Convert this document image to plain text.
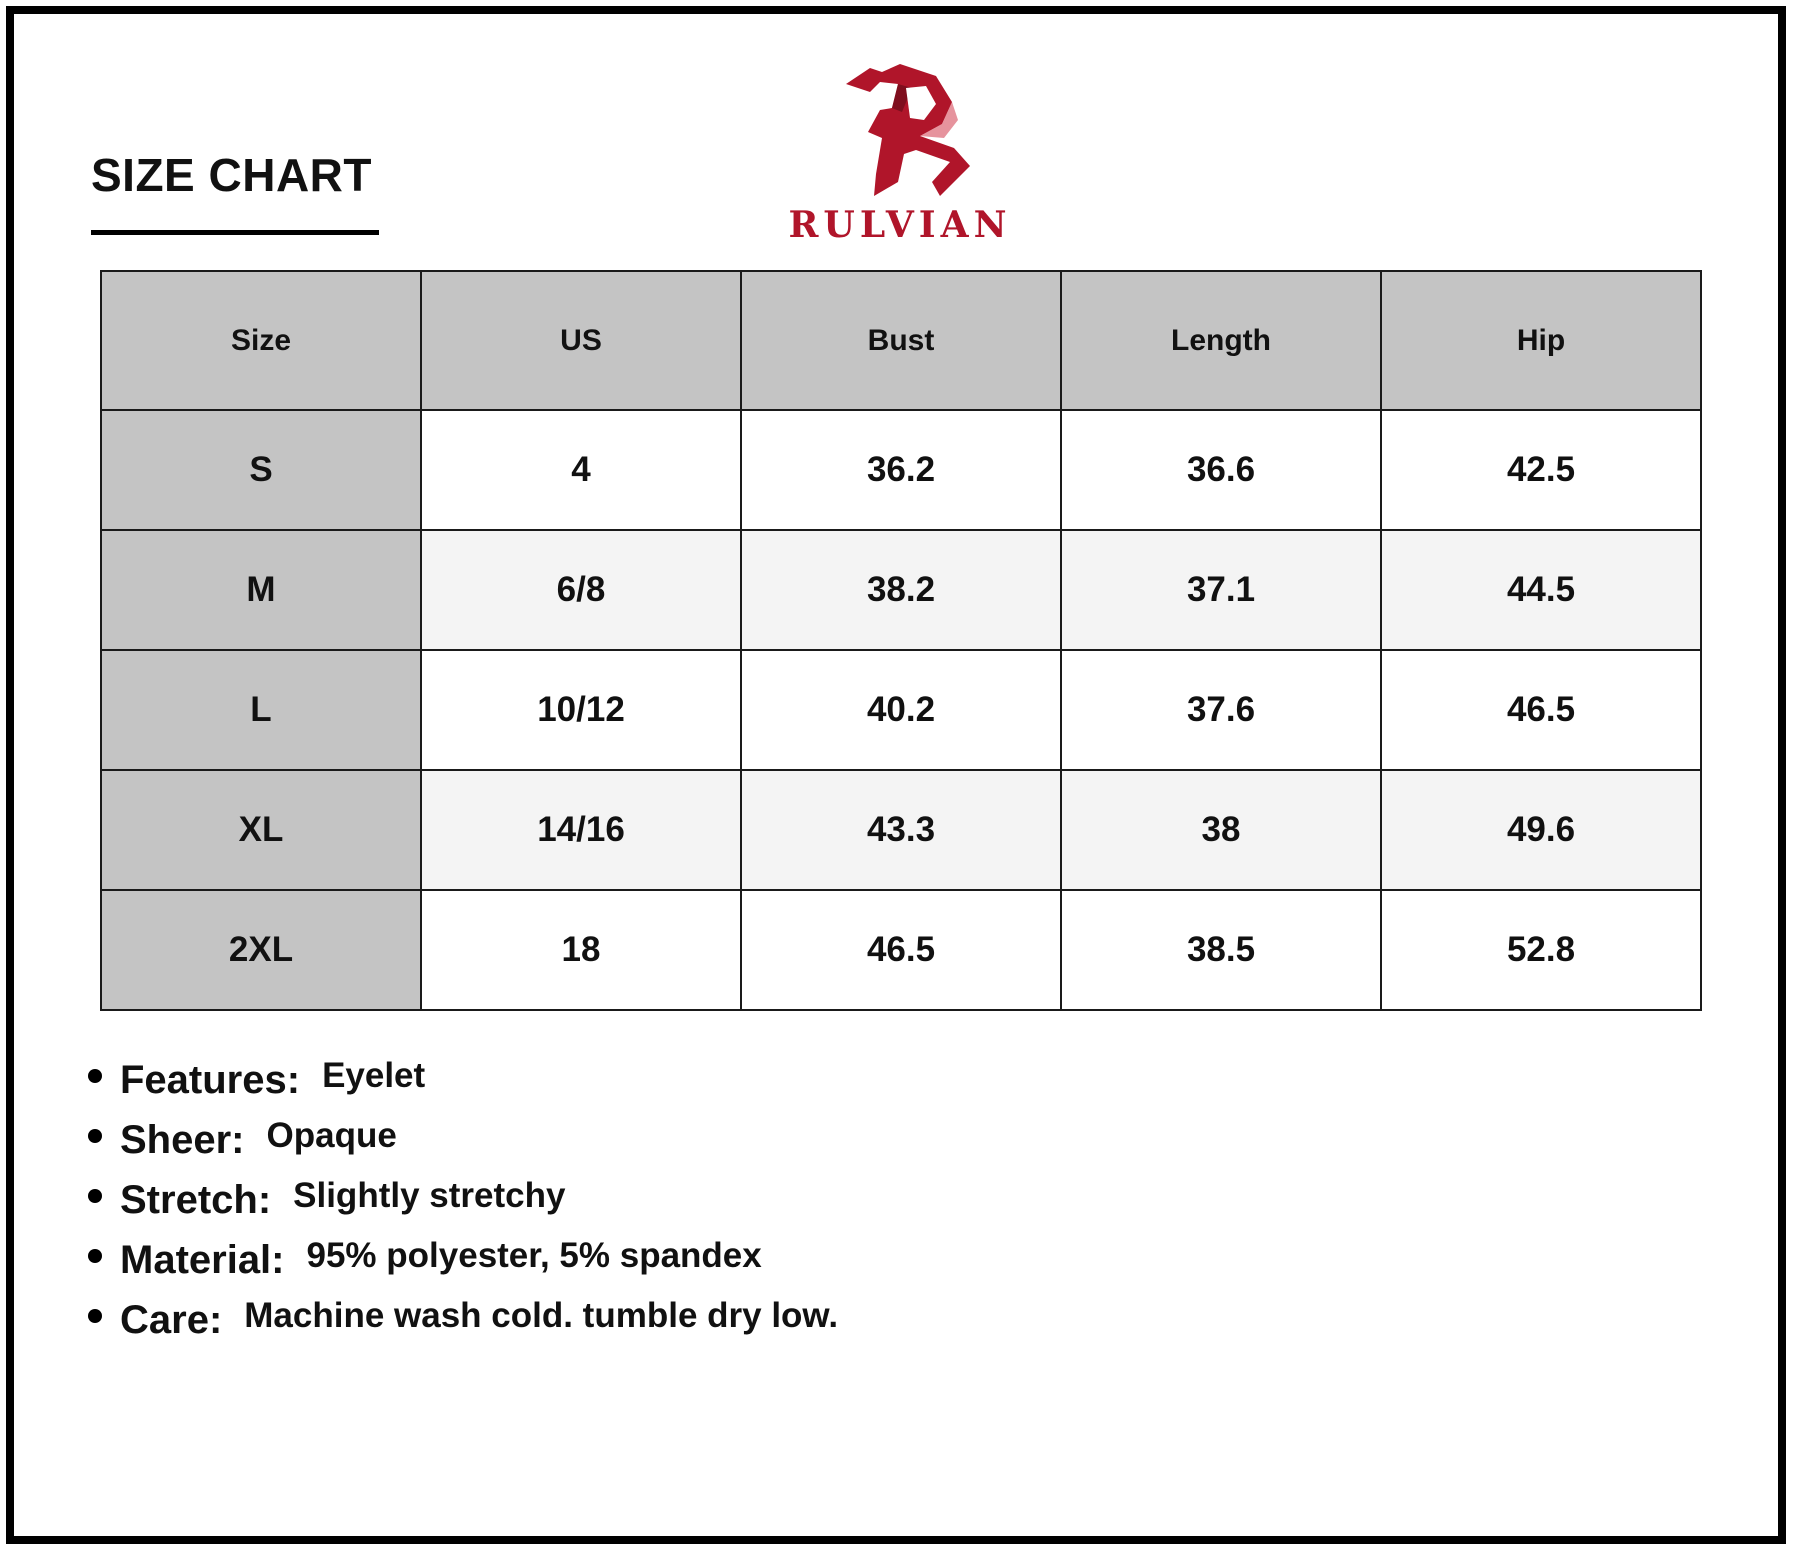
SIZE CHART
RULVIAN
Size	US	Bust	Length	Hip
S	4	36.2	36.6	42.5
M	6/8	38.2	37.1	44.5
L	10/12	40.2	37.6	46.5
XL	14/16	43.3	38	49.6
2XL	18	46.5	38.5	52.8
Features: Eyelet
Sheer: Opaque
Stretch: Slightly stretchy
Material: 95% polyester, 5% spandex
Care: Machine wash cold. tumble dry low.
